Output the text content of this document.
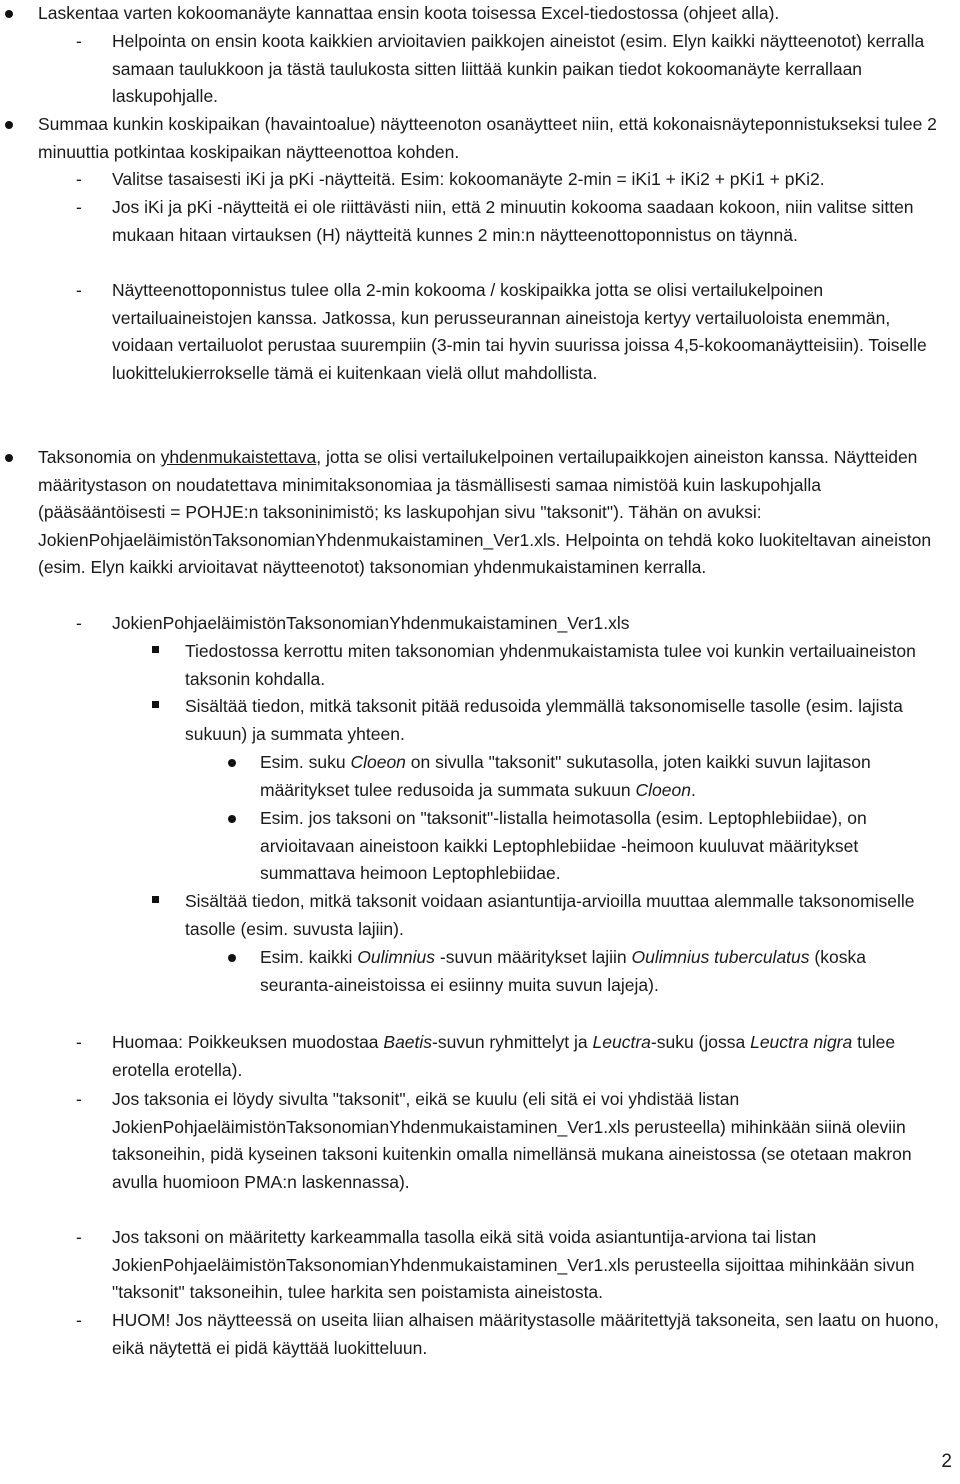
Laskentaa varten kokoomanäyte kannattaa ensin koota toisessa Excel-tiedostossa (ohjeet alla).

- Helpointa on ensin koota kaikkien arvioitavien paikkojen aineistot (esim. Elyn kaikki näytteenotot) kerralla samaan taulukkoon ja tästä taulukosta sitten liittää kunkin paikan tiedot kokoomanäyte kerrallaan laskupohjalle.

Summaa kunkin koskipaikan (havaintoalue) näytteenoton osanäytteet niin, että kokonaisnäyteponnistukseksi tulee 2 minuuttia potkintaa koskipaikan näytteenottoa kohden.

- Valitse tasaisesti iKi ja pKi -näytteitä. Esim: kokoomanäyte 2-min = iKi1 + iKi2 + pKi1 + pKi2.

- Jos iKi ja pKi -näytteitä ei ole riittävästi niin, että 2 minuutin kokooma saadaan kokoon, niin valitse sitten mukaan hitaan virtauksen (H) näytteitä kunnes 2 min:n näytteenottoponnistus on täynnä.

- Näytteenottoponnistus tulee olla 2-min kokooma / koskipaikka jotta se olisi vertailukelpoinen vertailuaineistojen kanssa. Jatkossa, kun perusseurannan aineistoja kertyy vertailuoloista enemmän, voidaan vertailuolot perustaa suurempiin (3-min tai hyvin suurissa joissa 4,5-kokoomanäytteisiin). Toiselle luokittelukierrokselle tämä ei kuitenkaan vielä ollut mahdollista.

Taksonomia on yhdenmukaistettava, jotta se olisi vertailukelpoinen vertailupaikkojen aineiston kanssa. Näytteiden määritystason on noudatettava minimitaksonomiaa ja täsmällisesti samaa nimistöä kuin laskupohjalla (pääsääntöisesti = POHJE:n taksoninimistö; ks laskupohjan sivu "taksonit"). Tähän on avuksi: JokienPohjaeläimistönTaksonomianYhdenmukaistaminen_Ver1.xls. Helpointa on tehdä koko luokiteltavan aineiston (esim. Elyn kaikki arvioitavat näytteenotot) taksonomian yhdenmukaistaminen kerralla.

- JokienPohjaeläimistönTaksonomianYhdenmukaistaminen_Ver1.xls

Tiedostossa kerrottu miten taksonomian yhdenmukaistamista tulee voi kunkin vertailuaineiston taksonin kohdalla.

Sisältää tiedon, mitkä taksonit pitää redusoida ylemmällä taksonomiselle tasolle (esim. lajista sukuun) ja summata yhteen.

Esim. suku Cloeon on sivulla "taksonit" sukutasolla, joten kaikki suvun lajitason määritykset tulee redusoida ja summata sukuun Cloeon.

Esim. jos taksoni on "taksonit"-listalla heimotasolla (esim. Leptophlebiidae), on arvioitavaan aineistoon kaikki Leptophlebiidae -heimoon kuuluvat määritykset summattava heimoon Leptophlebiidae.

Sisältää tiedon, mitkä taksonit voidaan asiantuntija-arvioilla muuttaa alemmalle taksonomiselle tasolle (esim. suvusta lajiin).

Esim. kaikki Oulimnius -suvun määritykset lajiin Oulimnius tuberculatus (koska seuranta-aineistoissa ei esiinny muita suvun lajeja).

- Huomaa: Poikkeuksen muodostaa Baetis-suvun ryhmittelyt ja Leuctra-suku (jossa Leuctra nigra tulee erotella erotella).

- Jos taksonia ei löydy sivulta "taksonit", eikä se kuulu (eli sitä ei voi yhdistää listan JokienPohjaeläimistönTaksonomianYhdenmukaistaminen_Ver1.xls perusteella) mihinkään siinä oleviin taksoneihin, pidä kyseinen taksoni kuitenkin omalla nimellänsä mukana aineistossa (se otetaan makron avulla huomioon PMA:n laskennassa).

- Jos taksoni on määritetty karkeammalla tasolla eikä sitä voida asiantuntija-arviona tai listan JokienPohjaeläimistönTaksonomianYhdenmukaistaminen_Ver1.xls perusteella sijoittaa mihinkään sivun "taksonit" taksoneihin, tulee harkita sen poistamista aineistosta.

- HUOM! Jos näytteessä on useita liian alhaisen määritystasolle määritettyjä taksoneita, sen laatu on huono, eikä näytettä ei pidä käyttää luokitteluun.

2
